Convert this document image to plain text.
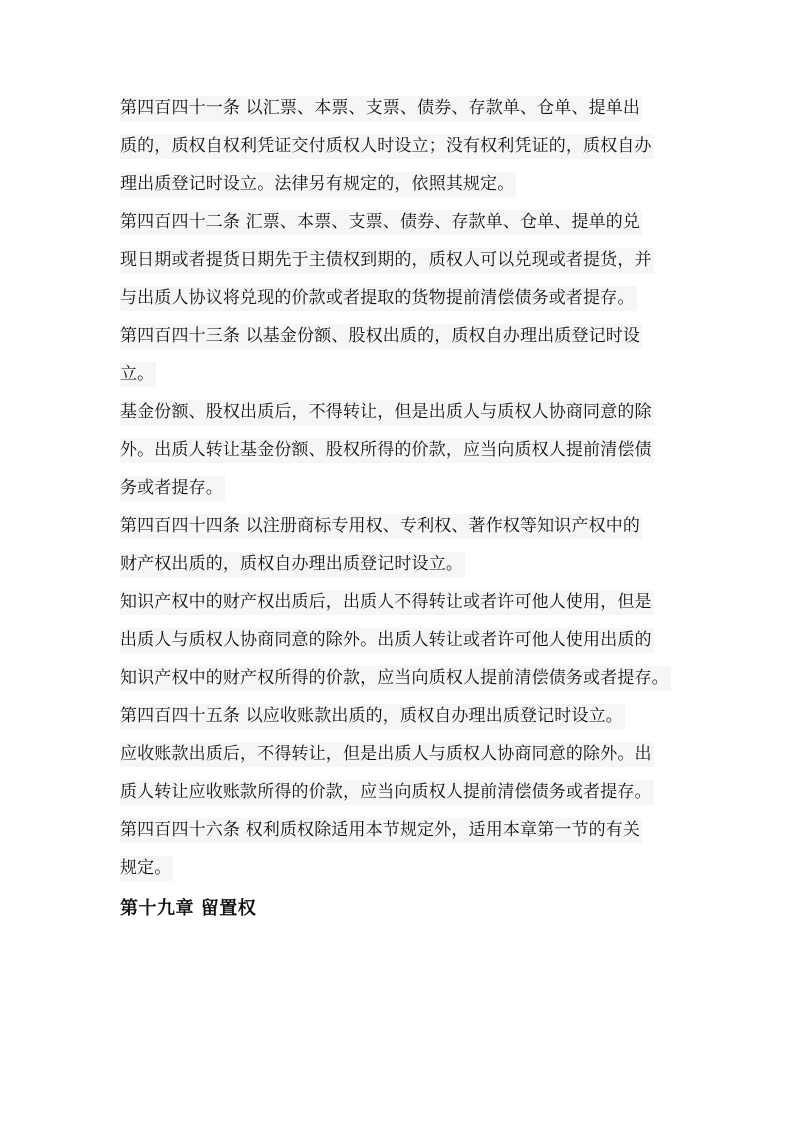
第四百四十一条 以汇票、本票、支票、债券、存款单、仓单、提单出
质的，质权自权利凭证交付质权人时设立；没有权利凭证的，质权自办
理出质登记时设立。法律另有规定的，依照其规定。
第四百四十二条 汇票、本票、支票、债券、存款单、仓单、提单的兑
现日期或者提货日期先于主债权到期的，质权人可以兑现或者提货，并
与出质人协议将兑现的价款或者提取的货物提前清偿债务或者提存。
第四百四十三条 以基金份额、股权出质的，质权自办理出质登记时设
立。
基金份额、股权出质后，不得转让，但是出质人与质权人协商同意的除
外。出质人转让基金份额、股权所得的价款，应当向质权人提前清偿债
务或者提存。
第四百四十四条 以注册商标专用权、专利权、著作权等知识产权中的
财产权出质的，质权自办理出质登记时设立。
知识产权中的财产权出质后，出质人不得转让或者许可他人使用，但是
出质人与质权人协商同意的除外。出质人转让或者许可他人使用出质的
知识产权中的财产权所得的价款，应当向质权人提前清偿债务或者提存。
第四百四十五条 以应收账款出质的，质权自办理出质登记时设立。
应收账款出质后，不得转让，但是出质人与质权人协商同意的除外。出
质人转让应收账款所得的价款，应当向质权人提前清偿债务或者提存。
第四百四十六条 权利质权除适用本节规定外，适用本章第一节的有关
规定。
第十九章 留置权
